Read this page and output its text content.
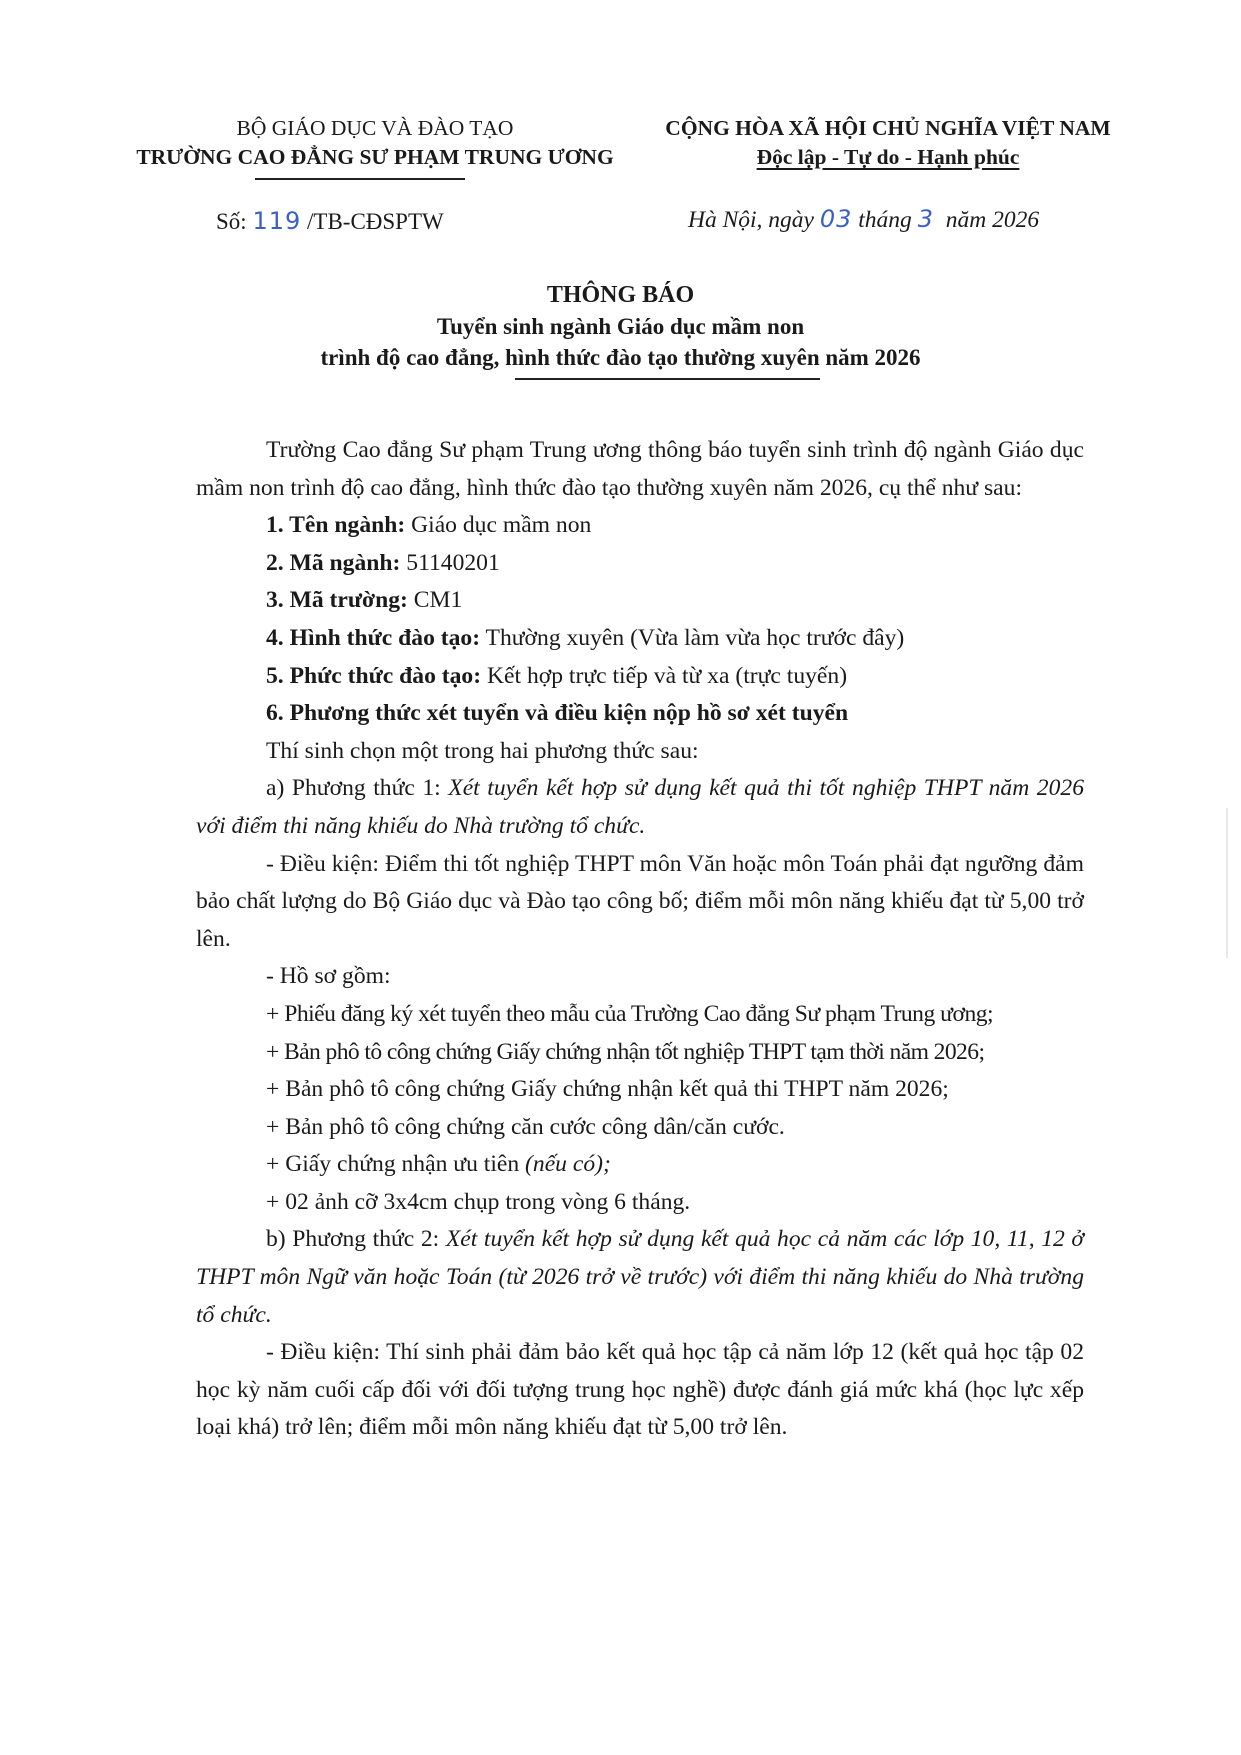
BỘ GIÁO DỤC VÀ ĐÀO TẠO
TRƯỜNG CAO ĐẲNG SƯ PHẠM TRUNG ƯƠNG
Số: 119 /TB-CĐSPTW
CỘNG HÒA XÃ HỘI CHỦ NGHĨA VIỆT NAM
Độc lập - Tự do - Hạnh phúc
Hà Nội, ngày 03 tháng 3 năm 2026
THÔNG BÁO
Tuyển sinh ngành Giáo dục mầm non
trình độ cao đẳng, hình thức đào tạo thường xuyên năm 2026

Trường Cao đẳng Sư phạm Trung ương thông báo tuyển sinh trình độ ngành Giáo dục mầm non trình độ cao đẳng, hình thức đào tạo thường xuyên năm 2026, cụ thể như sau:

1. Tên ngành: Giáo dục mầm non

2. Mã ngành: 51140201

3. Mã trường: CM1

4. Hình thức đào tạo: Thường xuyên (Vừa làm vừa học trước đây)

5. Phức thức đào tạo: Kết hợp trực tiếp và từ xa (trực tuyến)

6. Phương thức xét tuyển và điều kiện nộp hồ sơ xét tuyển

Thí sinh chọn một trong hai phương thức sau:

a) Phương thức 1: Xét tuyển kết hợp sử dụng kết quả thi tốt nghiệp THPT năm 2026 với điểm thi năng khiếu do Nhà trường tổ chức.

- Điều kiện: Điểm thi tốt nghiệp THPT môn Văn hoặc môn Toán phải đạt ngưỡng đảm bảo chất lượng do Bộ Giáo dục và Đào tạo công bố; điểm mỗi môn năng khiếu đạt từ 5,00 trở lên.

- Hồ sơ gồm:

+ Phiếu đăng ký xét tuyển theo mẫu của Trường Cao đẳng Sư phạm Trung ương;

+ Bản phô tô công chứng Giấy chứng nhận tốt nghiệp THPT tạm thời năm 2026;

+ Bản phô tô công chứng Giấy chứng nhận kết quả thi THPT năm 2026;

+ Bản phô tô công chứng căn cước công dân/căn cước.

+ Giấy chứng nhận ưu tiên (nếu có);

+ 02 ảnh cỡ 3x4cm chụp trong vòng 6 tháng.

b) Phương thức 2: Xét tuyển kết hợp sử dụng kết quả học cả năm các lớp 10, 11, 12 ở THPT môn Ngữ văn hoặc Toán (từ 2026 trở về trước) với điểm thi năng khiếu do Nhà trường tổ chức.

- Điều kiện: Thí sinh phải đảm bảo kết quả học tập cả năm lớp 12 (kết quả học tập 02 học kỳ năm cuối cấp đối với đối tượng trung học nghề) được đánh giá mức khá (học lực xếp loại khá) trở lên; điểm mỗi môn năng khiếu đạt từ 5,00 trở lên.
